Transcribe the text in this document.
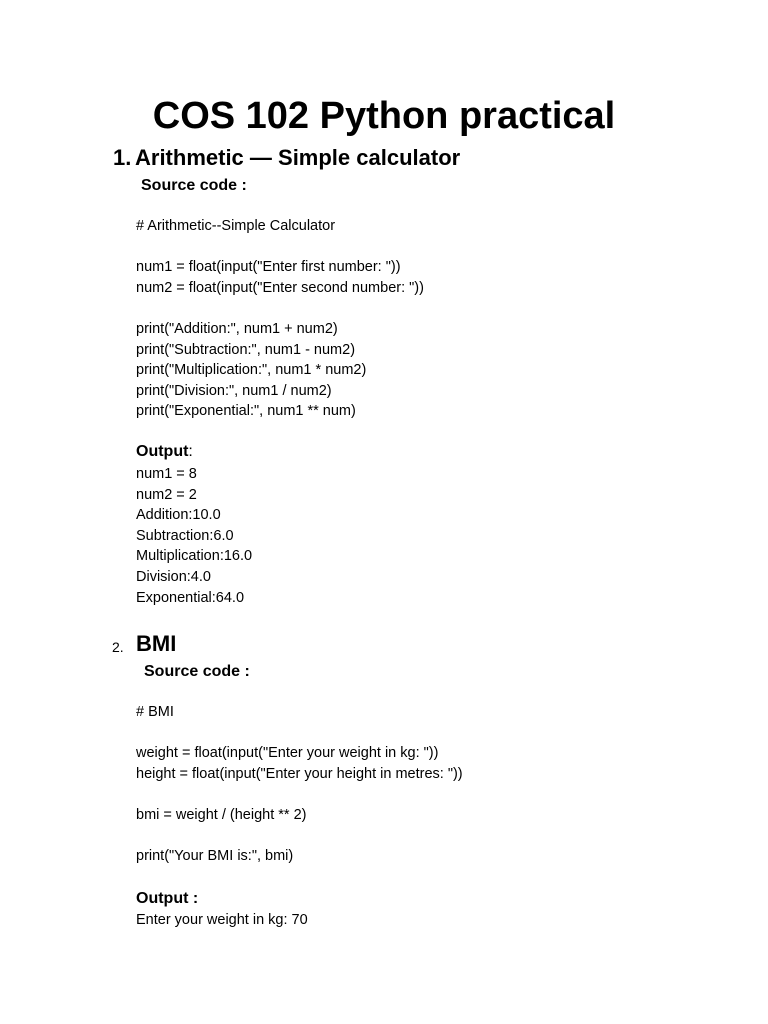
COS 102 Python practical
1. Arithmetic — Simple calculator
Source code :
# Arithmetic--Simple Calculator
num1 = float(input("Enter first number: "))
num2 = float(input("Enter second number: "))
print("Addition:", num1 + num2)
print("Subtraction:", num1 - num2)
print("Multiplication:", num1 * num2)
print("Division:", num1 / num2)
print("Exponential:", num1 ** num)
Output:
num1 = 8
num2 = 2
Addition:10.0
Subtraction:6.0
Multiplication:16.0
Division:4.0
Exponential:64.0
2. BMI
Source code :
# BMI
weight = float(input("Enter your weight in kg: "))
height = float(input("Enter your height in metres: "))
bmi = weight / (height ** 2)
print("Your BMI is:", bmi)
Output :
Enter your weight in kg: 70
